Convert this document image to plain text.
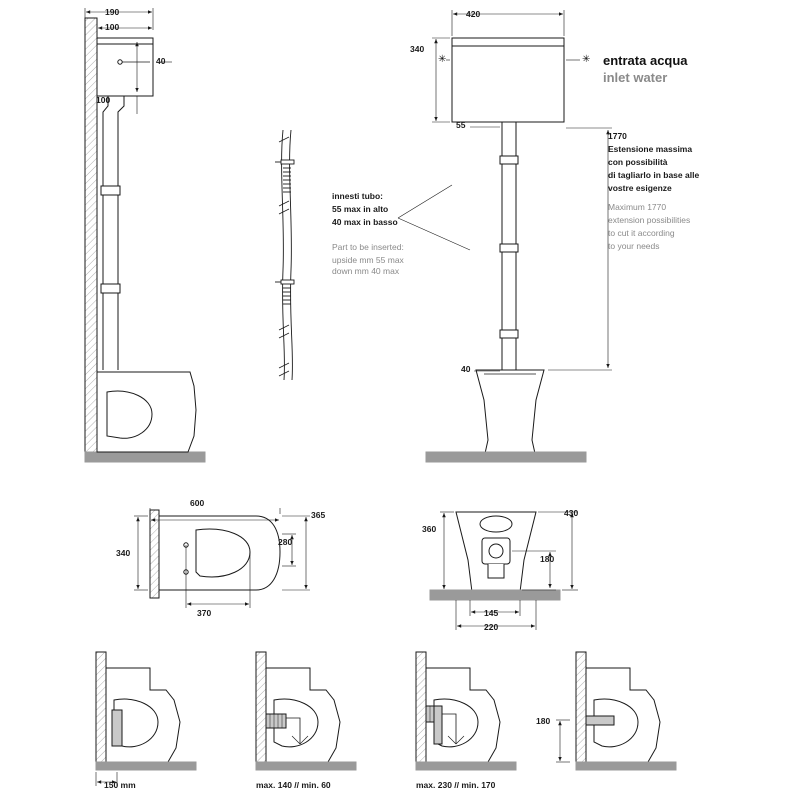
190
100
40
100
innesti tubo:
55 max in alto
40 max in basso
Part to be inserted:
upside mm 55 max
down mm 40 max
420
340
55
40
✳	✳ entrata acqua
inlet water
1770
Estensione massima
con possibilità
di tagliarlo in base alle
vostre esigenze
Maximum 1770
extension possibilities
to cut it according
to your needs
600
365
280
340
370
430
360
180
145
220
150 mm	max. 140 // min. 60	max. 230 // min. 170
180
